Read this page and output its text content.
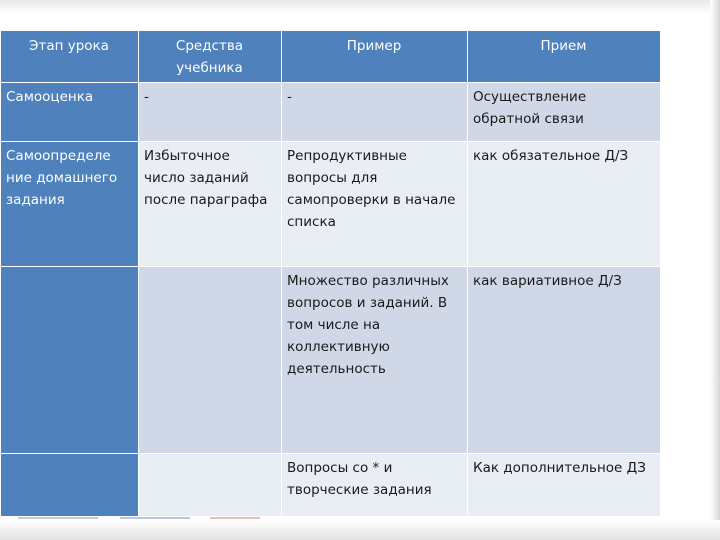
Этап урока	Средства учебника	Пример	Прием
Самооценка	-	-	Осуществление обратной связи
Самоопределе ние домашнего задания	Избыточное число заданий после параграфа	Репродуктивные вопросы для самопроверки в начале списка	как обязательное Д/З
		Множество различных вопросов и заданий. В том числе на коллективную деятельность	как вариативное Д/З
		Вопросы со * и творческие задания	Как дополнительное ДЗ
